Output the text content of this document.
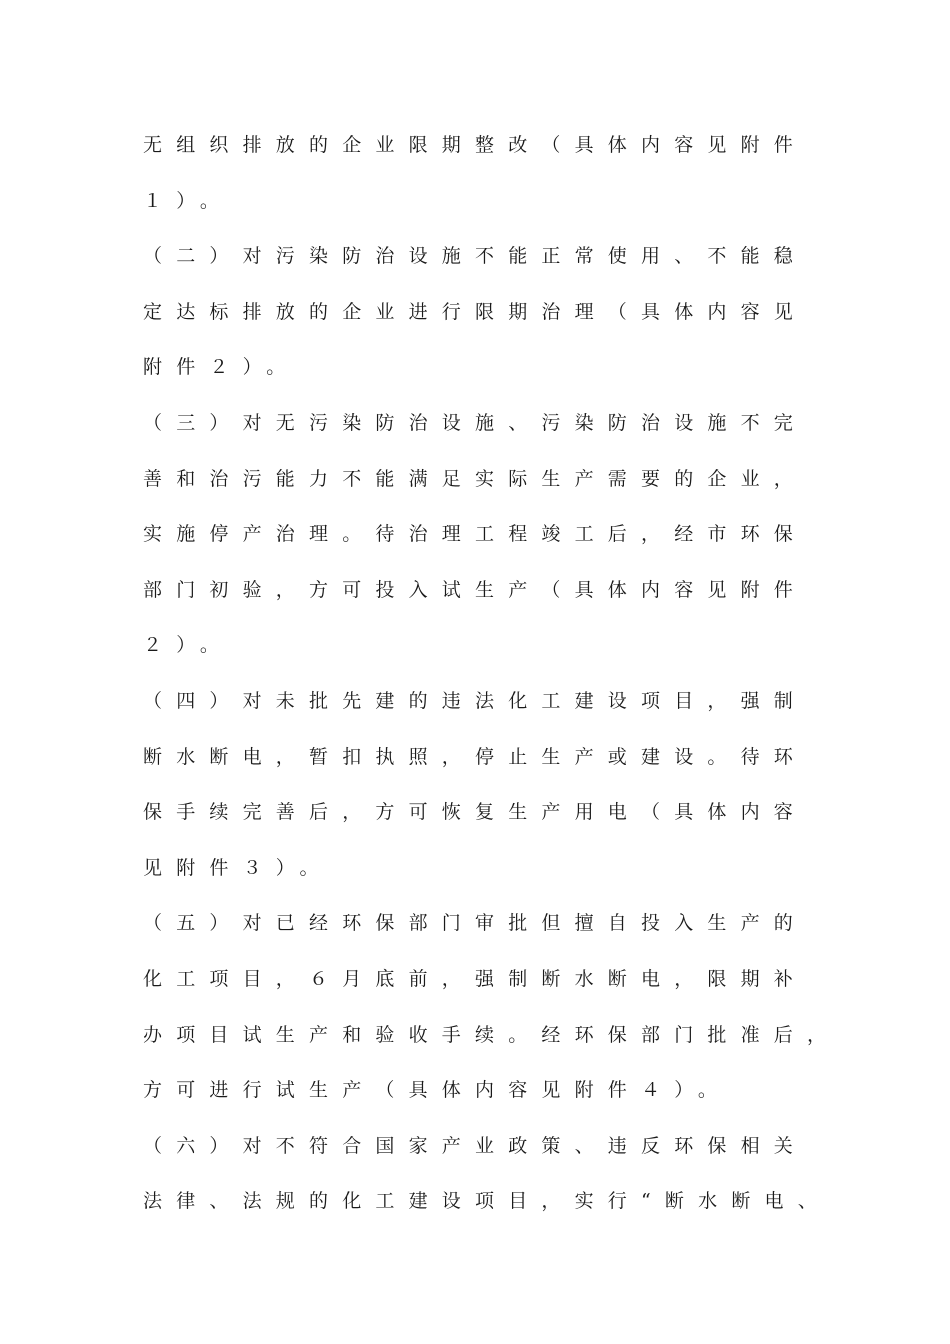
无组织排放的企业限期整改（具体内容见附件
１）。
（二）对污染防治设施不能正常使用、不能稳
定达标排放的企业进行限期治理（具体内容见
附件２）。
（三）对无污染防治设施、污染防治设施不完
善和治污能力不能满足实际生产需要的企业，
实施停产治理。待治理工程竣工后，经市环保
部门初验，方可投入试生产（具体内容见附件
２）。
（四）对未批先建的违法化工建设项目，强制
断水断电，暂扣执照，停止生产或建设。待环
保手续完善后，方可恢复生产用电（具体内容
见附件３）。
（五）对已经环保部门审批但擅自投入生产的
化工项目，６月底前，强制断水断电，限期补
办项目试生产和验收手续。经环保部门批准后，
方可进行试生产（具体内容见附件４）。
（六）对不符合国家产业政策、违反环保相关
法律、法规的化工建设项目，实行“断水断电、
